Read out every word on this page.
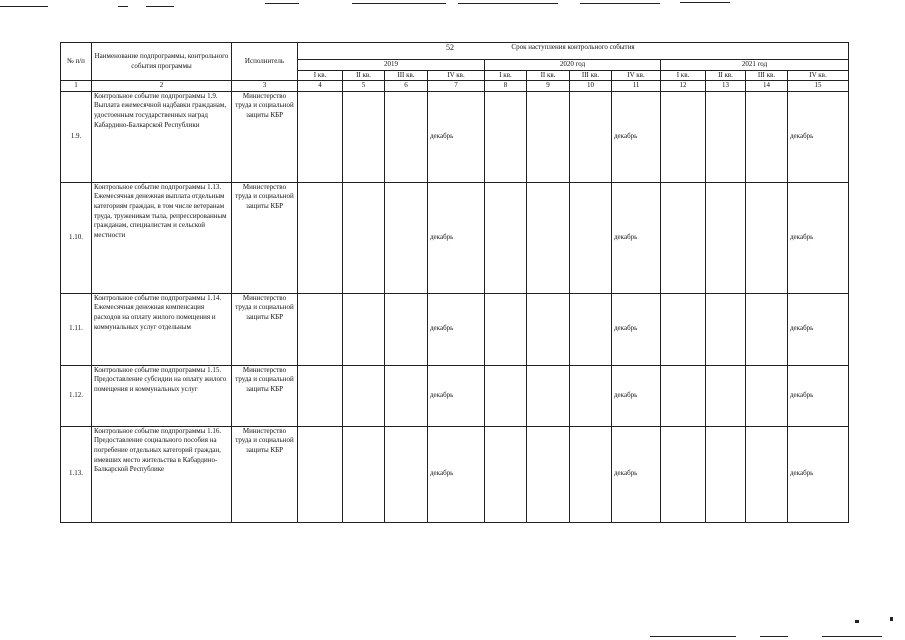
52
№ п/п	Наименование подпрограммы, контрольного события программы	Исполнитель	Срок наступления контрольного события											
			2019				2020 год				2021 год			
			I кв.	II кв.	III кв.	IV кв.	I кв.	II кв.	III кв.	IV кв.	I кв.	II кв.	III кв.	IV кв.
1	2	3	4	5	6	7	8	9	10	11	12	13	14	15
1.9.	Контрольное событие подпрограммы 1.9. Выплата ежемесячной надбавки гражданам, удостоенным государственных наград Кабардино-Балкарской Республики	Министерство труда и социальной защиты КБР				декабрь				декабрь				декабрь
1.10.	Контрольное событие подпрограммы 1.13. Ежемесячная денежная выплата отдельным категориям граждан, в том числе ветеранам труда, труженикам тыла, репрессированным гражданам, специалистам и сельской местности	Министерство труда и социальной защиты КБР				декабрь				декабрь				декабрь
1.11.	Контрольное событие подпрограммы 1.14. Ежемесячная денежная компенсация расходов на оплату жилого помещения и коммунальных услуг отдельным	Министерство труда и социальной защиты КБР				декабрь				декабрь				декабрь
1.12.	Контрольное событие подпрограммы 1.15. Предоставление субсидии на оплату жилого помещения и коммунальных услуг	Министерство труда и социальной защиты КБР				декабрь				декабрь				декабрь
1.13.	Контрольное событие подпрограммы 1.16. Предоставление социального пособия на погребение отдельных категорий граждан, имевших место жительства в Кабардино-Балкарской Республике	Министерство труда и социальной защиты КБР				декабрь				декабрь				декабрь
